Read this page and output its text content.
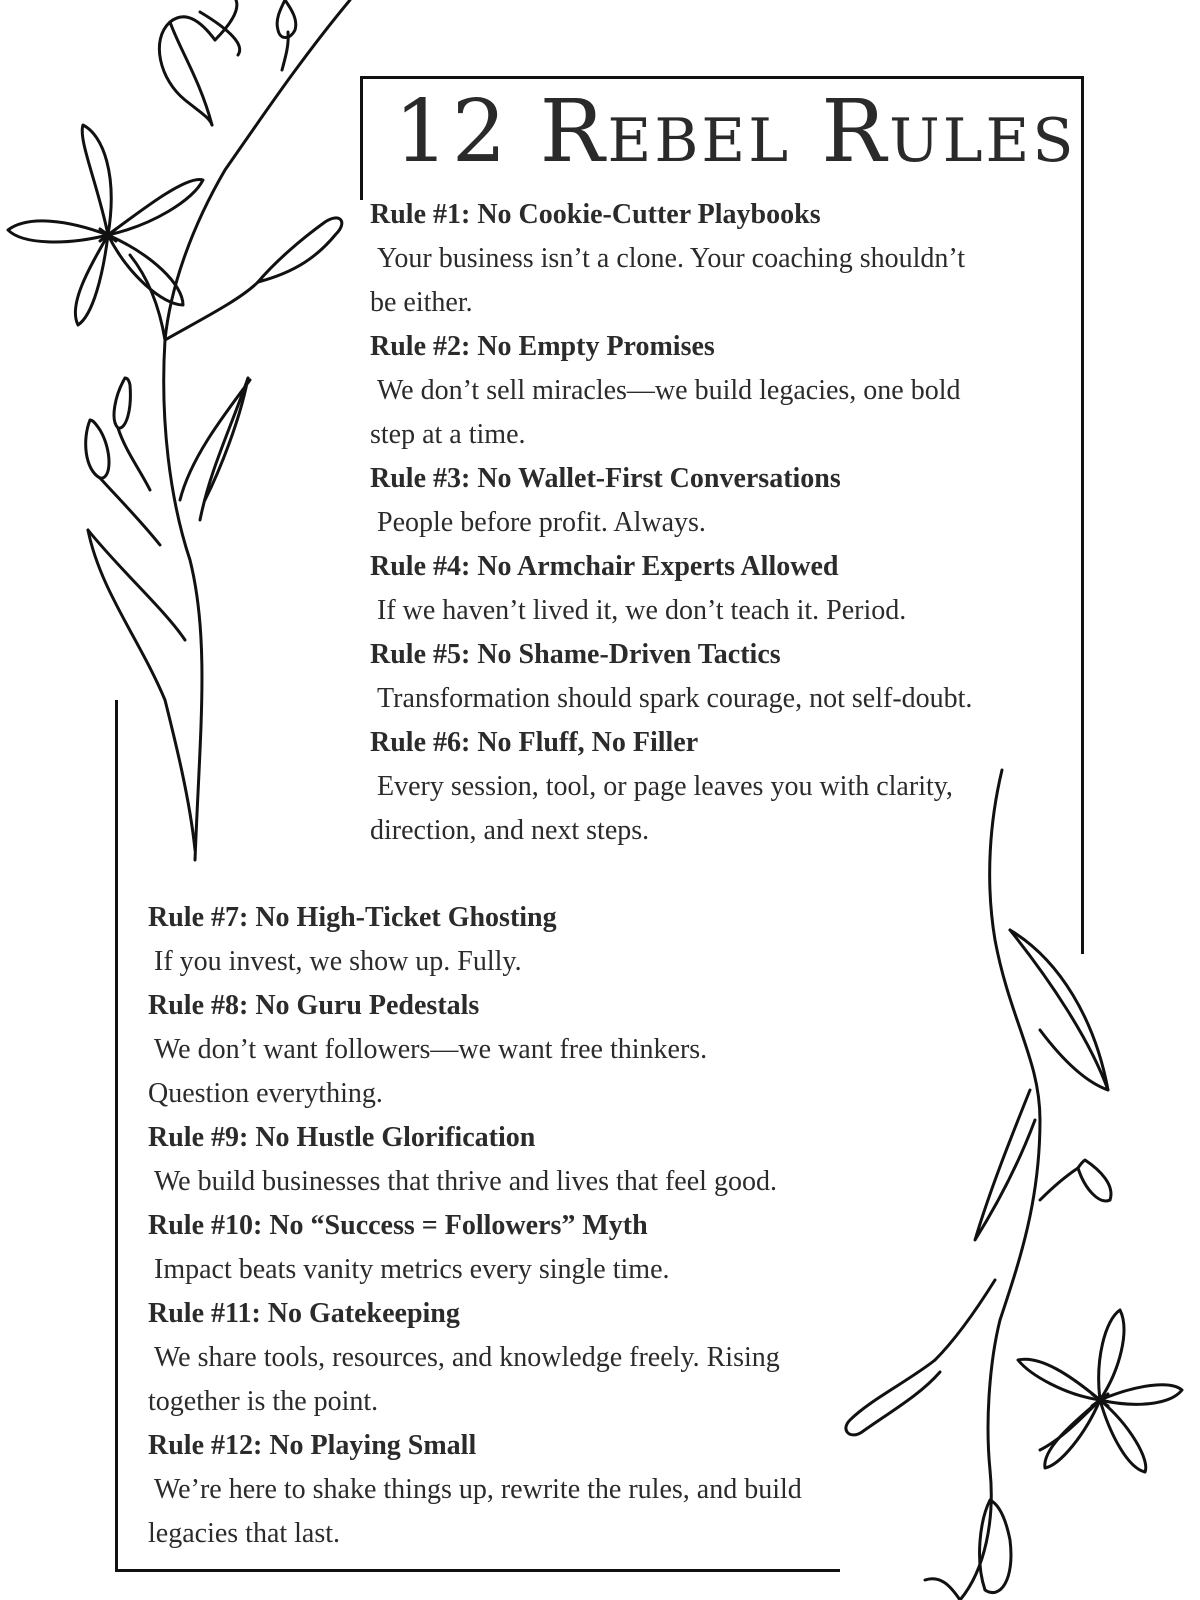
12 Rebel Rules

Rule #1: No Cookie-Cutter Playbooks

Your business isn’t a clone. Your coaching shouldn’t
be either.

Rule #2: No Empty Promises

We don’t sell miracles—we build legacies, one bold
step at a time.

Rule #3: No Wallet-First Conversations

People before profit. Always.

Rule #4: No Armchair Experts Allowed

If we haven’t lived it, we don’t teach it. Period.

Rule #5: No Shame-Driven Tactics

Transformation should spark courage, not self-doubt.

Rule #6: No Fluff, No Filler

Every session, tool, or page leaves you with clarity,
direction, and next steps.

Rule #7: No High-Ticket Ghosting

If you invest, we show up. Fully.

Rule #8: No Guru Pedestals

We don’t want followers—we want free thinkers.
Question everything.

Rule #9: No Hustle Glorification

We build businesses that thrive and lives that feel good.

Rule #10: No “Success = Followers” Myth

Impact beats vanity metrics every single time.

Rule #11: No Gatekeeping

We share tools, resources, and knowledge freely. Rising
together is the point.

Rule #12: No Playing Small

We’re here to shake things up, rewrite the rules, and build
legacies that last.
